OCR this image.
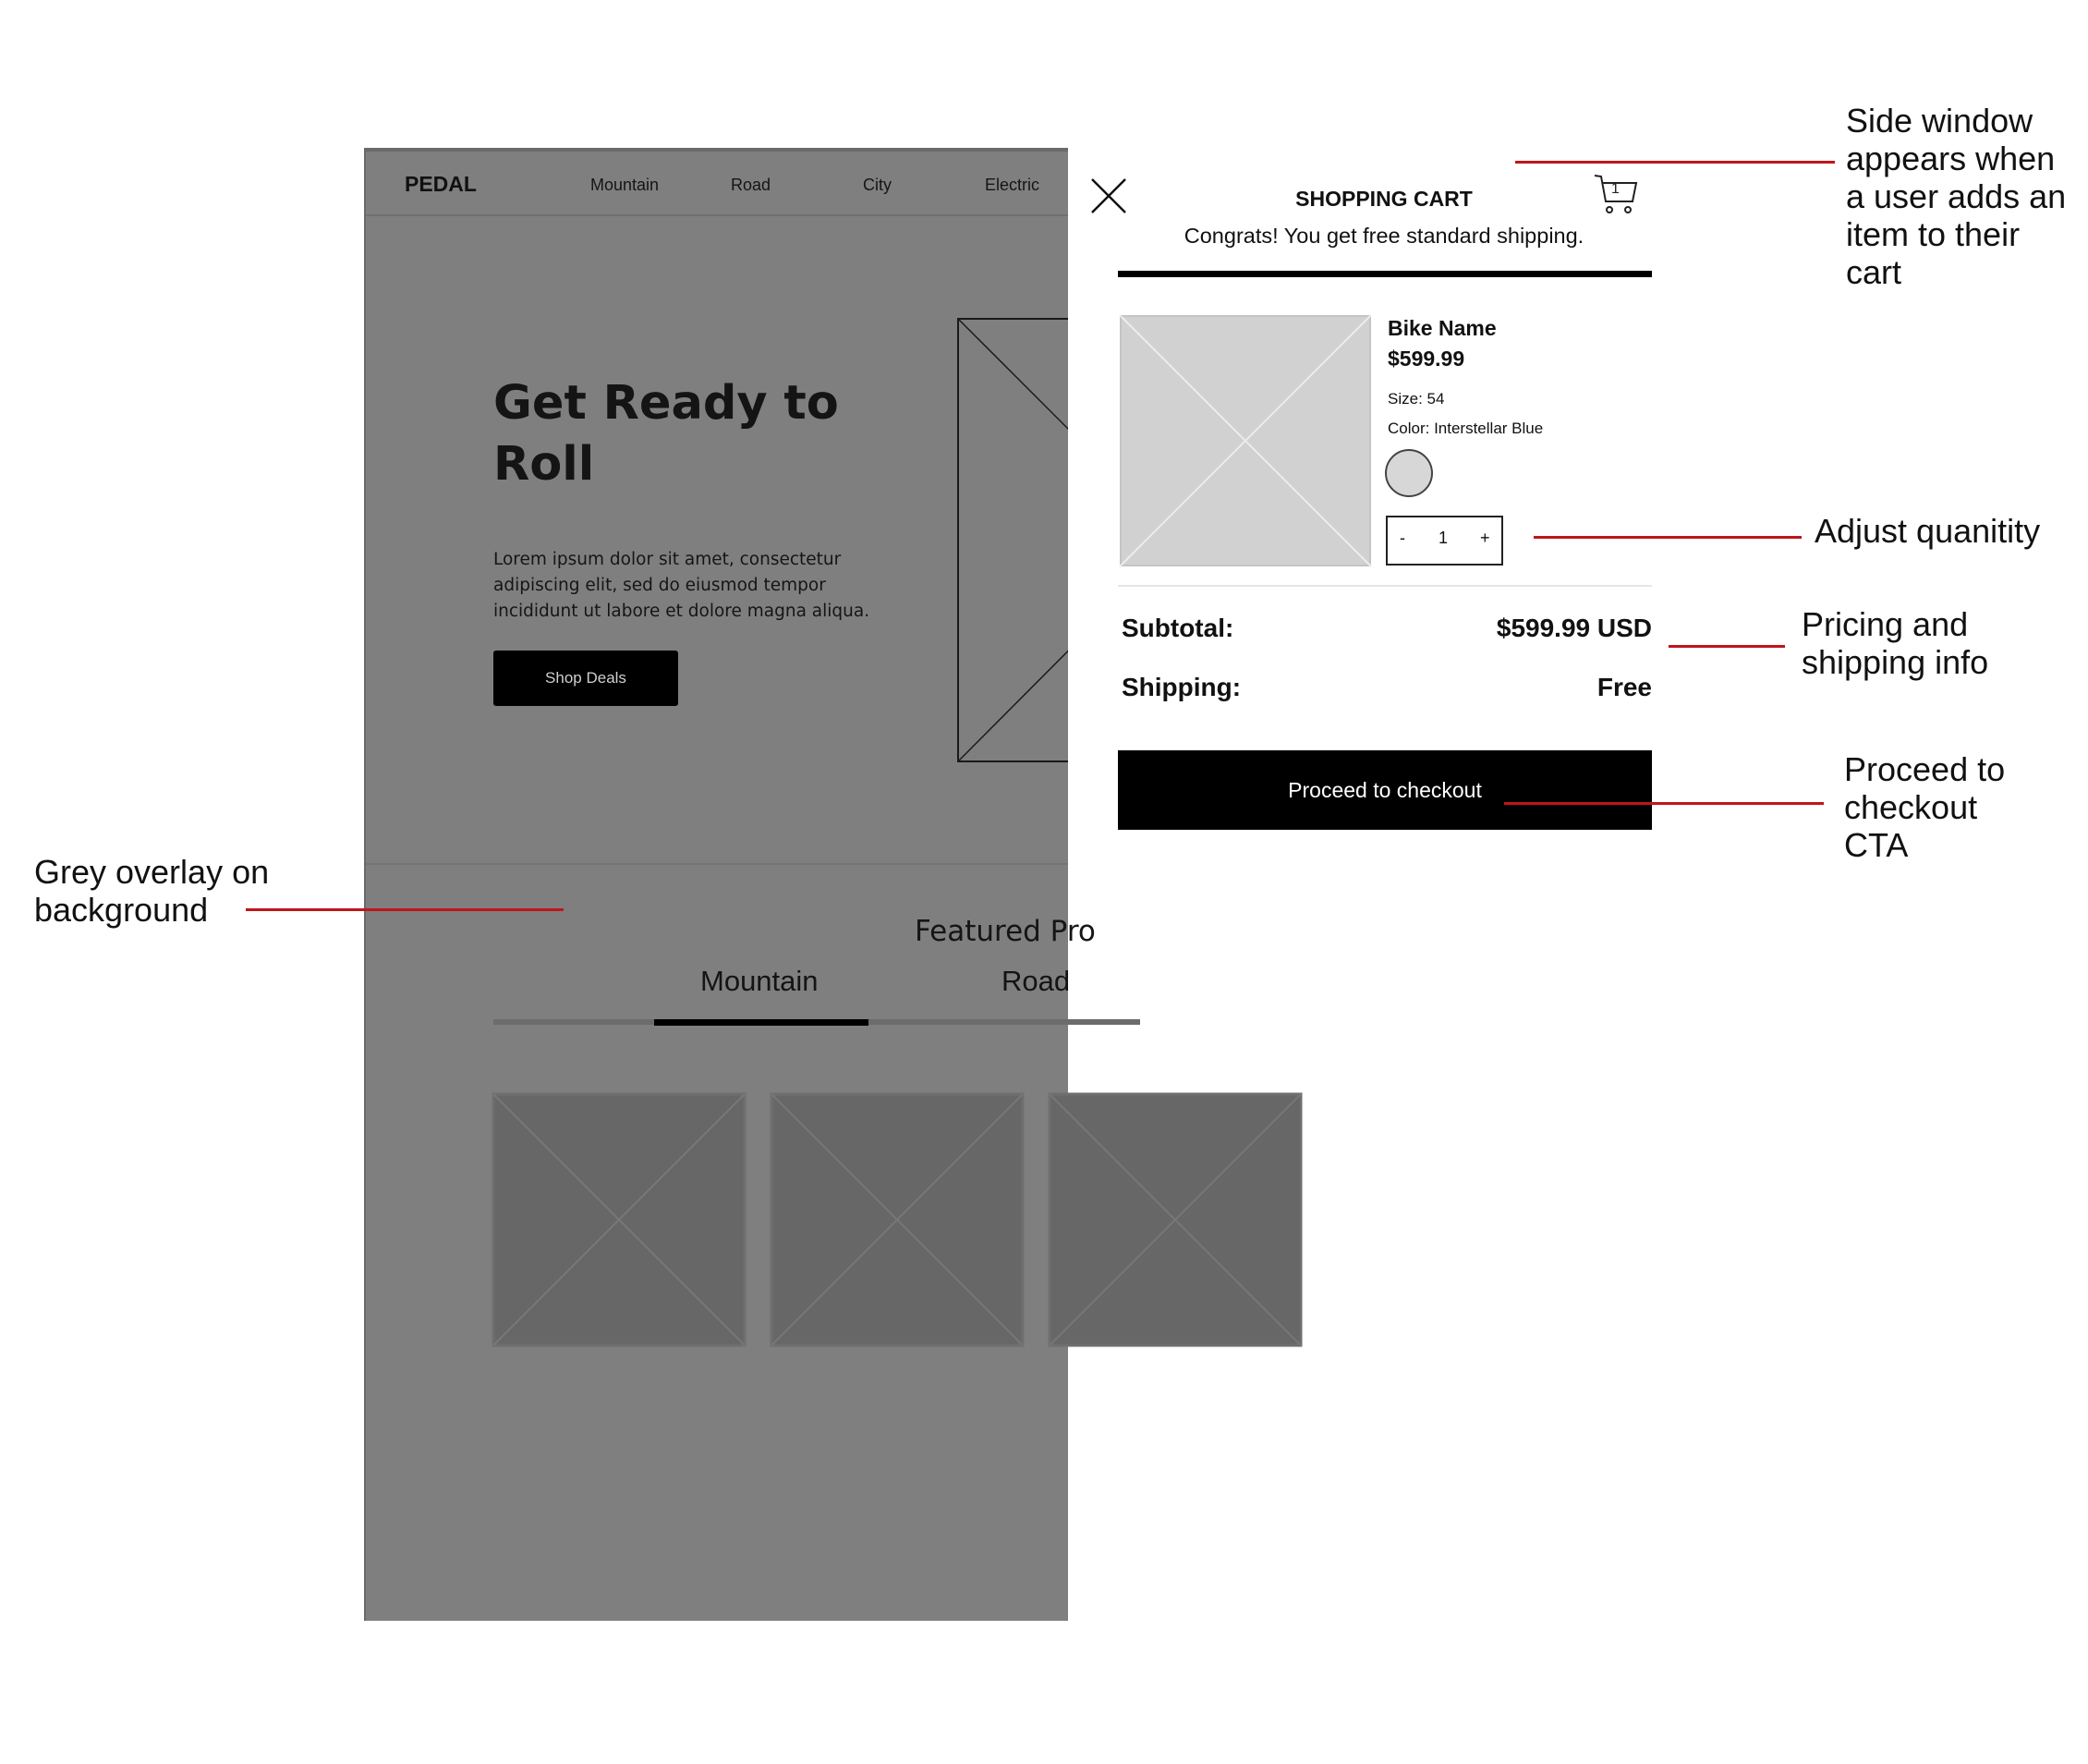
PEDAL	Mountain	Road	City	Electric
Get Ready to Roll
Lorem ipsum dolor sit amet, consectetur adipiscing elit, sed do eiusmod tempor incididunt ut labore et dolore magna aliqua.
Shop Deals
Featured Pro
Mountain	Road
SHOPPING CART	1
Congrats! You get free standard shipping.
Bike Name
$599.99
Size: 54
Color: Interstellar Blue
- 1 +
Subtotal:	$599.99 USD
Shipping:	Free
Proceed to checkout
Side window appears when a user adds an item to their cart
Adjust quanitity
Pricing and shipping info
Proceed to checkout CTA
Grey overlay on background
